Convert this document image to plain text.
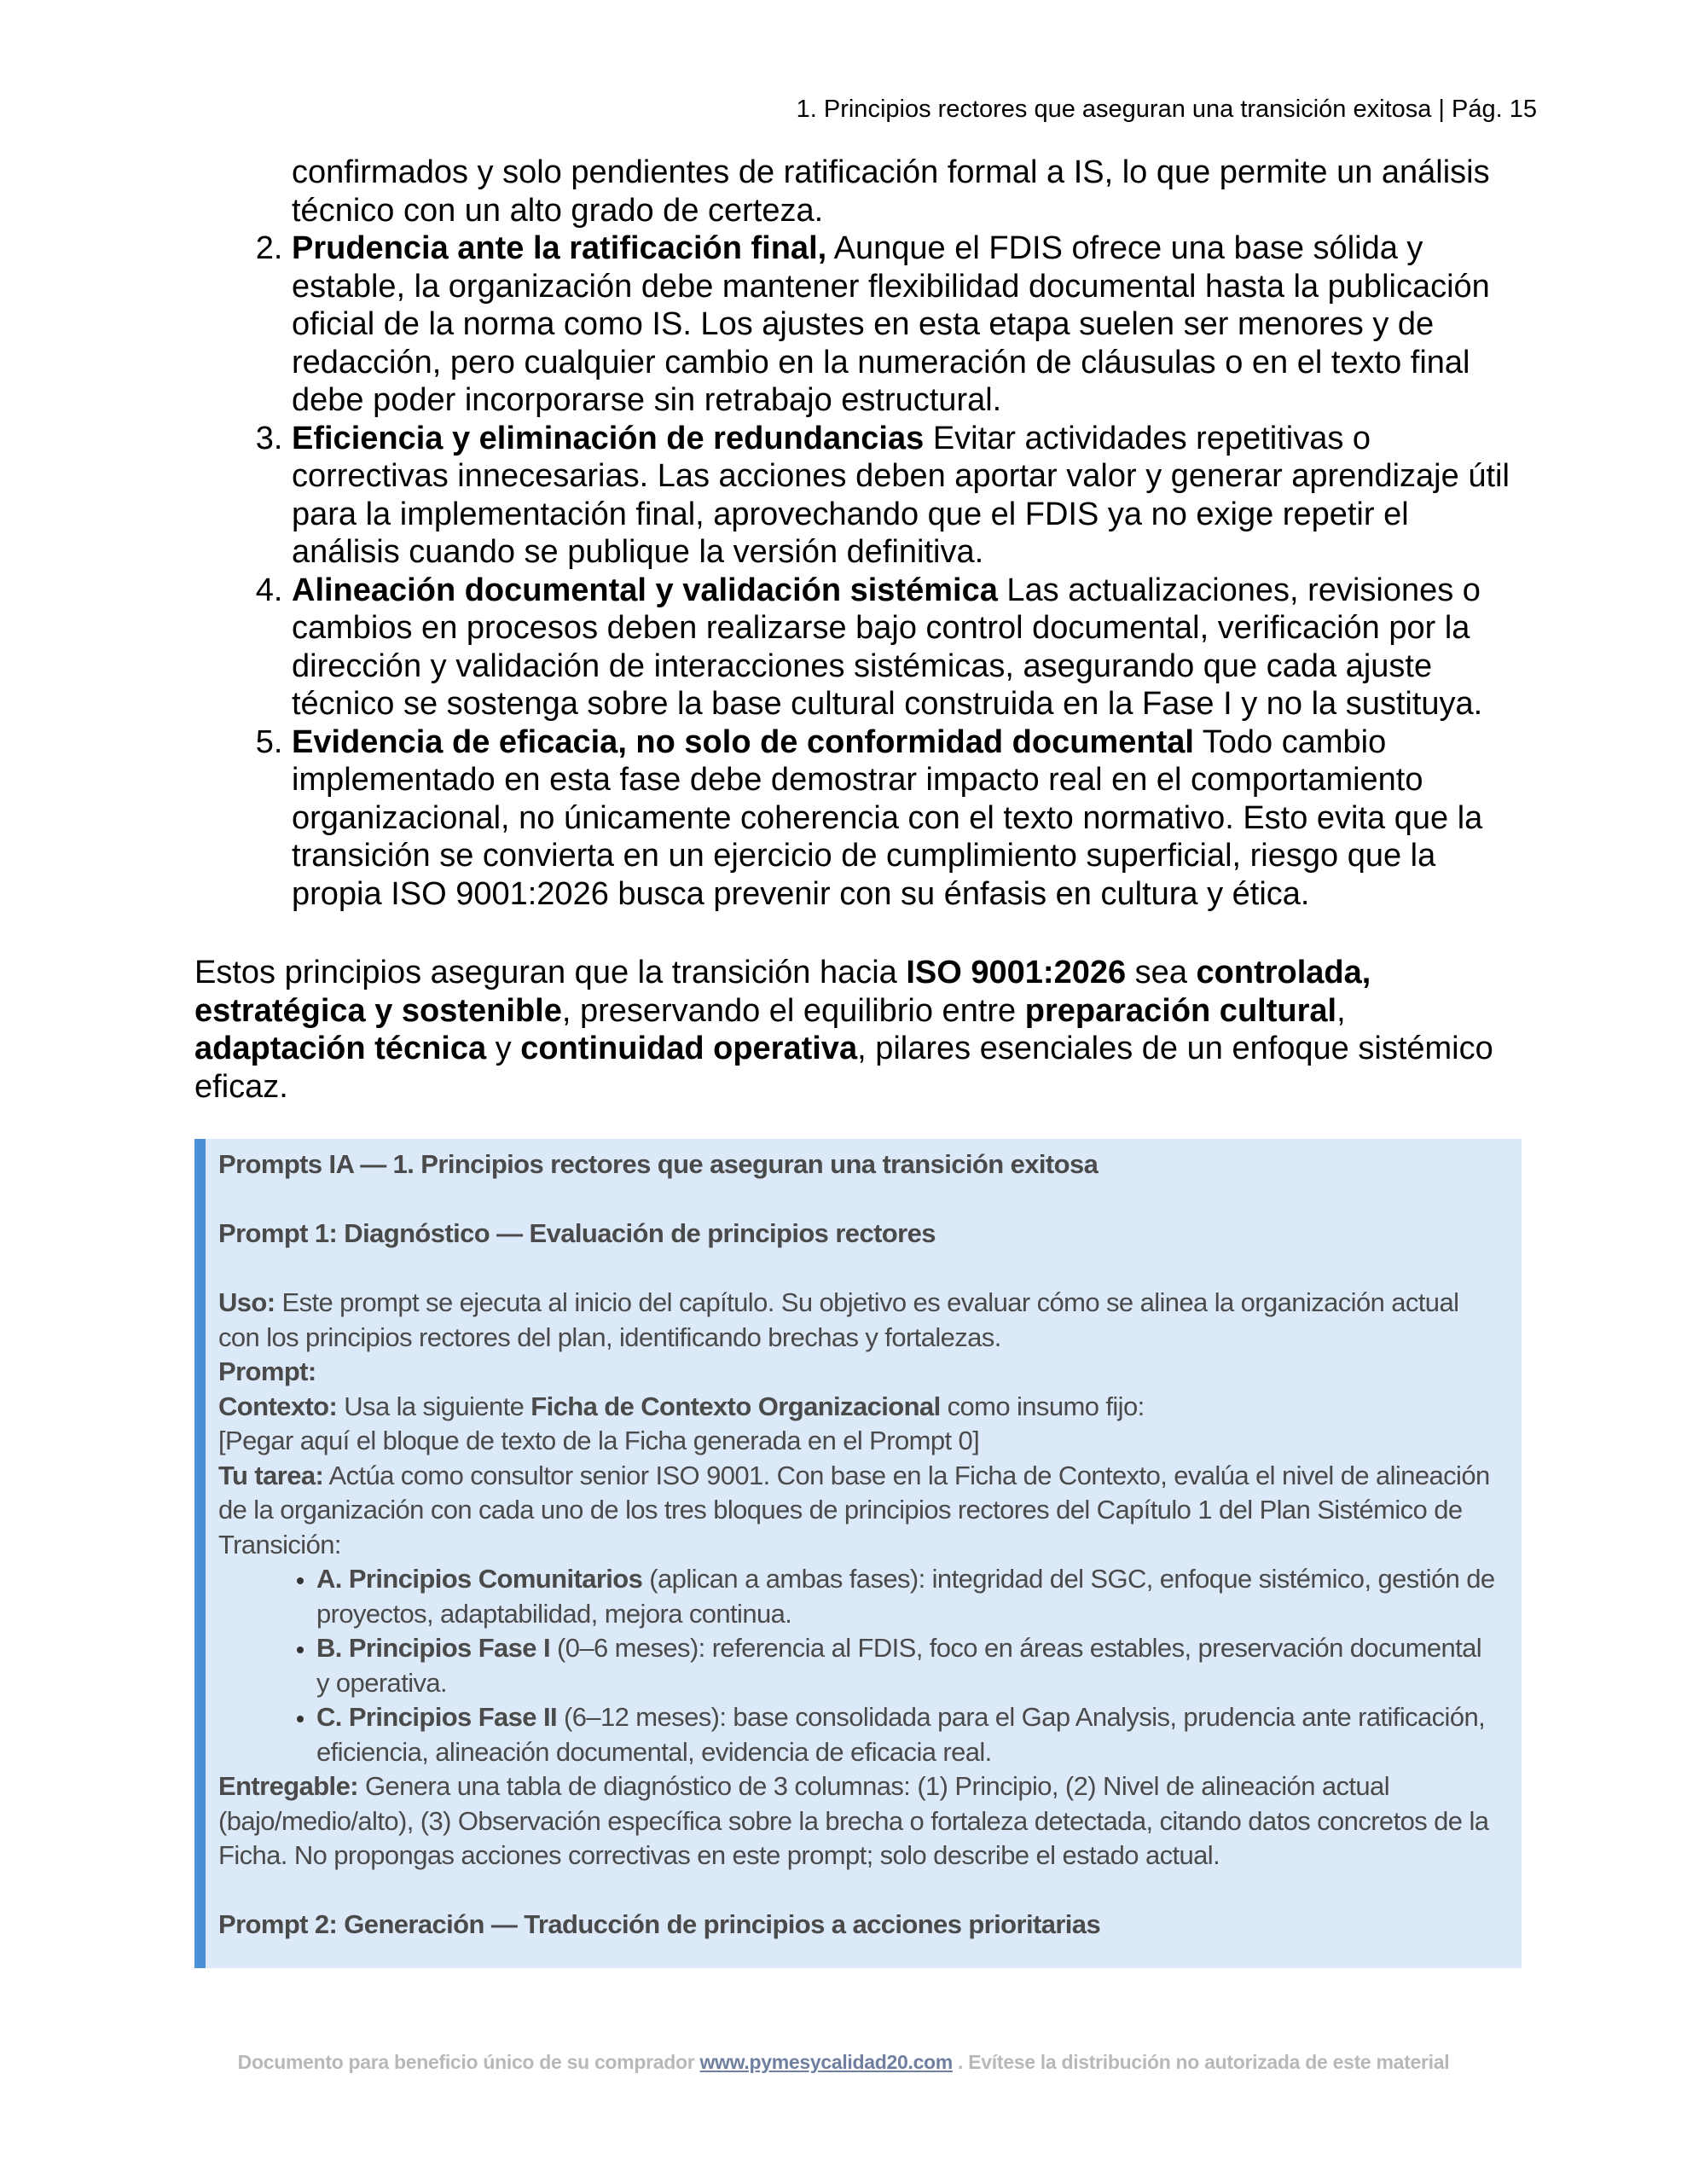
1. Principios rectores que aseguran una transición exitosa | Pág. 15
confirmados y solo pendientes de ratificación formal a IS, lo que permite un análisis técnico con un alto grado de certeza.
2. Prudencia ante la ratificación final, Aunque el FDIS ofrece una base sólida y estable, la organización debe mantener flexibilidad documental hasta la publicación oficial de la norma como IS. Los ajustes en esta etapa suelen ser menores y de redacción, pero cualquier cambio en la numeración de cláusulas o en el texto final debe poder incorporarse sin retrabajo estructural.
3. Eficiencia y eliminación de redundancias Evitar actividades repetitivas o correctivas innecesarias. Las acciones deben aportar valor y generar aprendizaje útil para la implementación final, aprovechando que el FDIS ya no exige repetir el análisis cuando se publique la versión definitiva.
4. Alineación documental y validación sistémica Las actualizaciones, revisiones o cambios en procesos deben realizarse bajo control documental, verificación por la dirección y validación de interacciones sistémicas, asegurando que cada ajuste técnico se sostenga sobre la base cultural construida en la Fase I y no la sustituya.
5. Evidencia de eficacia, no solo de conformidad documental Todo cambio implementado en esta fase debe demostrar impacto real en el comportamiento organizacional, no únicamente coherencia con el texto normativo. Esto evita que la transición se convierta en un ejercicio de cumplimiento superficial, riesgo que la propia ISO 9001:2026 busca prevenir con su énfasis en cultura y ética.

Estos principios aseguran que la transición hacia ISO 9001:2026 sea controlada, estratégica y sostenible, preservando el equilibrio entre preparación cultural, adaptación técnica y continuidad operativa, pilares esenciales de un enfoque sistémico eficaz.

Prompts IA — 1. Principios rectores que aseguran una transición exitosa
Prompt 1: Diagnóstico — Evaluación de principios rectores
Uso: Este prompt se ejecuta al inicio del capítulo. Su objetivo es evaluar cómo se alinea la organización actual con los principios rectores del plan, identificando brechas y fortalezas.
Prompt:
Contexto: Usa la siguiente Ficha de Contexto Organizacional como insumo fijo:
[Pegar aquí el bloque de texto de la Ficha generada en el Prompt 0]
Tu tarea: Actúa como consultor senior ISO 9001. Con base en la Ficha de Contexto, evalúa el nivel de alineación de la organización con cada uno de los tres bloques de principios rectores del Capítulo 1 del Plan Sistémico de Transición:
• A. Principios Comunitarios (aplican a ambas fases): integridad del SGC, enfoque sistémico, gestión de proyectos, adaptabilidad, mejora continua.
• B. Principios Fase I (0–6 meses): referencia al FDIS, foco en áreas estables, preservación documental y operativa.
• C. Principios Fase II (6–12 meses): base consolidada para el Gap Analysis, prudencia ante ratificación, eficiencia, alineación documental, evidencia de eficacia real.
Entregable: Genera una tabla de diagnóstico de 3 columnas: (1) Principio, (2) Nivel de alineación actual (bajo/medio/alto), (3) Observación específica sobre la brecha o fortaleza detectada, citando datos concretos de la Ficha. No propongas acciones correctivas en este prompt; solo describe el estado actual.
Prompt 2: Generación — Traducción de principios a acciones prioritarias
Documento para beneficio único de su comprador www.pymesycalidad20.com . Evítese la distribución no autorizada de este material
